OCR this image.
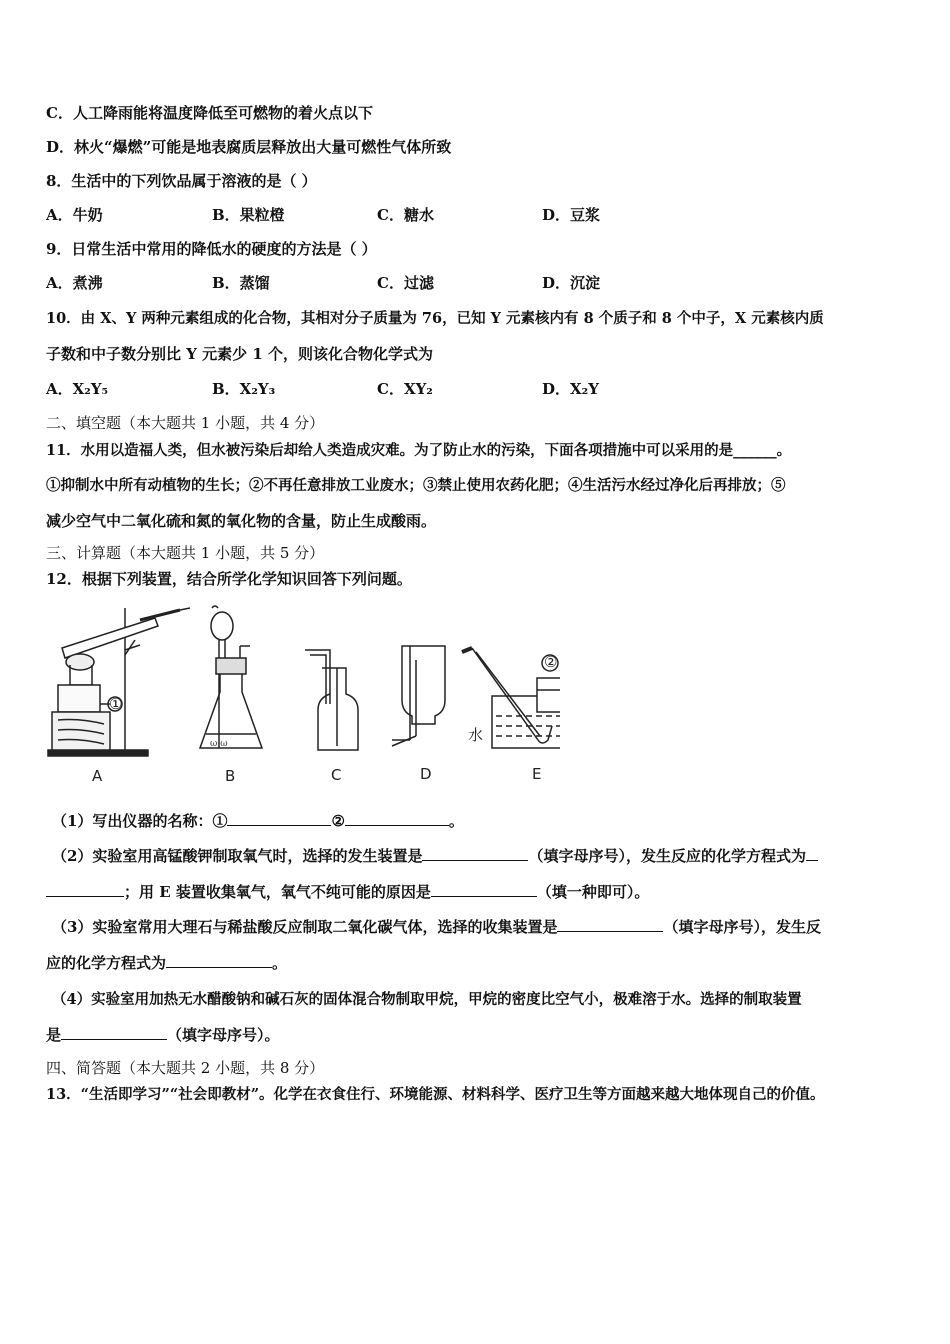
C．人工降雨能将温度降低至可燃物的着火点以下
D．林火“爆燃”可能是地表腐质层释放出大量可燃性气体所致
8．生活中的下列饮品属于溶液的是（ ）
A．牛奶	B．果粒橙	C．糖水	D．豆浆
9．日常生活中常用的降低水的硬度的方法是（ ）
A．煮沸	B．蒸馏	C．过滤	D．沉淀
10．由 X、Y 两种元素组成的化合物，其相对分子质量为 76，已知 Y 元素核内有 8 个质子和 8 个中子，X 元素核内质
子数和中子数分别比 Y 元素少 1 个，则该化合物化学式为
A．X₂Y₅	B．X₂Y₃	C．XY₂	D．X₂Y
二、填空题（本大题共 1 小题，共 4 分）
11．水用以造福人类，但水被污染后却给人类造成灾难。为了防止水的污染，下面各项措施中可以采用的是______。
①抑制水中所有动植物的生长；②不再任意排放工业废水；③禁止使用农药化肥；④生活污水经过净化后再排放；⑤
减少空气中二氧化硫和氮的氧化物的含量，防止生成酸雨。
三、计算题（本大题共 1 小题，共 5 分）
12．根据下列装置，结合所学化学知识回答下列问题。
①
A
ω ω
B	C	D
②
水
E
（1）写出仪器的名称：①	②	。
（2）实验室用高锰酸钾制取氧气时，选择的发生装置是	（填字母序号），发生反应的化学方程式为
；用 E 装置收集氧气，氧气不纯可能的原因是	（填一种即可）。
（3）实验室常用大理石与稀盐酸反应制取二氧化碳气体，选择的收集装置是	（填字母序号），发生反
应的化学方程式为	。
（4）实验室用加热无水醋酸钠和碱石灰的固体混合物制取甲烷，甲烷的密度比空气小，极难溶于水。选择的制取装置
是	（填字母序号）。
四、简答题（本大题共 2 小题，共 8 分）
13．“生活即学习”“社会即教材”。化学在衣食住行、环境能源、材料科学、医疗卫生等方面越来越大地体现自己的价值。
